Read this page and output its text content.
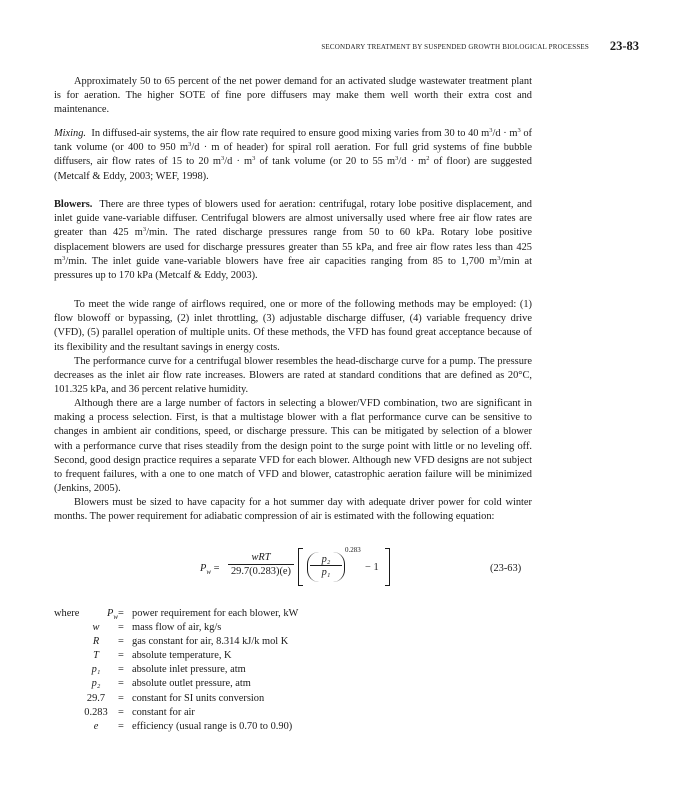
SECONDARY TREATMENT BY SUSPENDED GROWTH BIOLOGICAL PROCESSES 23-83

Approximately 50 to 65 percent of the net power demand for an activated sludge wastewater treatment plant is for aeration. The higher SOTE of fine pore diffusers may make them well worth their extra cost and maintenance.

Mixing. In diffused-air systems, the air flow rate required to ensure good mixing varies from 30 to 40 $m^3/d \cdot m^3$ of tank volume (or 400 to 950 $m^3/d \cdot m$ of header) for spiral roll aeration. For full grid systems of fine bubble diffusers, air flow rates of 15 to 20 $m^3/d \cdot m^3$ of tank volume (or 20 to 55 $m^3/d \cdot m^2$ of floor) are suggested (Metcalf & Eddy, 2003; WEF, 1998).

Blowers. There are three types of blowers used for aeration: centrifugal, rotary lobe positive displacement, and inlet guide vane-variable diffuser. Centrifugal blowers are almost universally used where free air flow rates are greater than 425 $m^3/\min$. The rated discharge pressures range from 50 to 60 kPa. Rotary lobe positive displacement blowers are used for discharge pressures greater than 55 kPa, and free air flow rates less than 425 $m^3/\min$. The inlet guide vane-variable blowers have free air capacities ranging from 85 to 1,700 $m^3/\min$ at pressures up to 170 kPa (Metcalf & Eddy, 2003).

To meet the wide range of airflows required, one or more of the following methods may be employed: (1) flow blowoff or bypassing, (2) inlet throttling, (3) adjustable discharge diffuser, (4) variable frequency drive (VFD), (5) parallel operation of multiple units. Of these methods, the VFD has found great acceptance because of its flexibility and the resultant savings in energy costs.

The performance curve for a centrifugal blower resembles the head-discharge curve for a pump. The pressure decreases as the inlet air flow rate increases. Blowers are rated at standard conditions that are defined as 20°C, 101.325 kPa, and 36 percent relative humidity.

Although there are a large number of factors in selecting a blower/VFD combination, two are significant in making a process selection. First, is that a multistage blower with a flat performance curve can be sensitive to changes in ambient air conditions, speed, or discharge pressure. This can be mitigated by selection of a blower with a performance curve that rises steadily from the design point to the surge point with little or no leveling off. Second, good design practice requires a separate VFD for each blower. Although new VFD designs are not subject to frequent failures, with a one to one match of VFD and blower, catastrophic aeration failure will be minimized (Jenkins, 2005).

Blowers must be sized to have capacity for a hot summer day with adequate driver power for cold winter months. The power requirement for adiabatic compression of air is estimated with the following equation:

$P_w$ =
wRT
29.7(0.283)(e)
p₂
p₁
0.283
− 1	(23-63)
where	$P_w$ = power requirement for each blower, kW
w	= mass flow of air, kg/s
R	= gas constant for air, 8.314 kJ/k mol K
T	= absolute temperature, K
p₁	= absolute inlet pressure, atm
p₂	= absolute outlet pressure, atm
29.7	= constant for SI units conversion
0.283 = constant for air
e	= efficiency (usual range is 0.70 to 0.90)
